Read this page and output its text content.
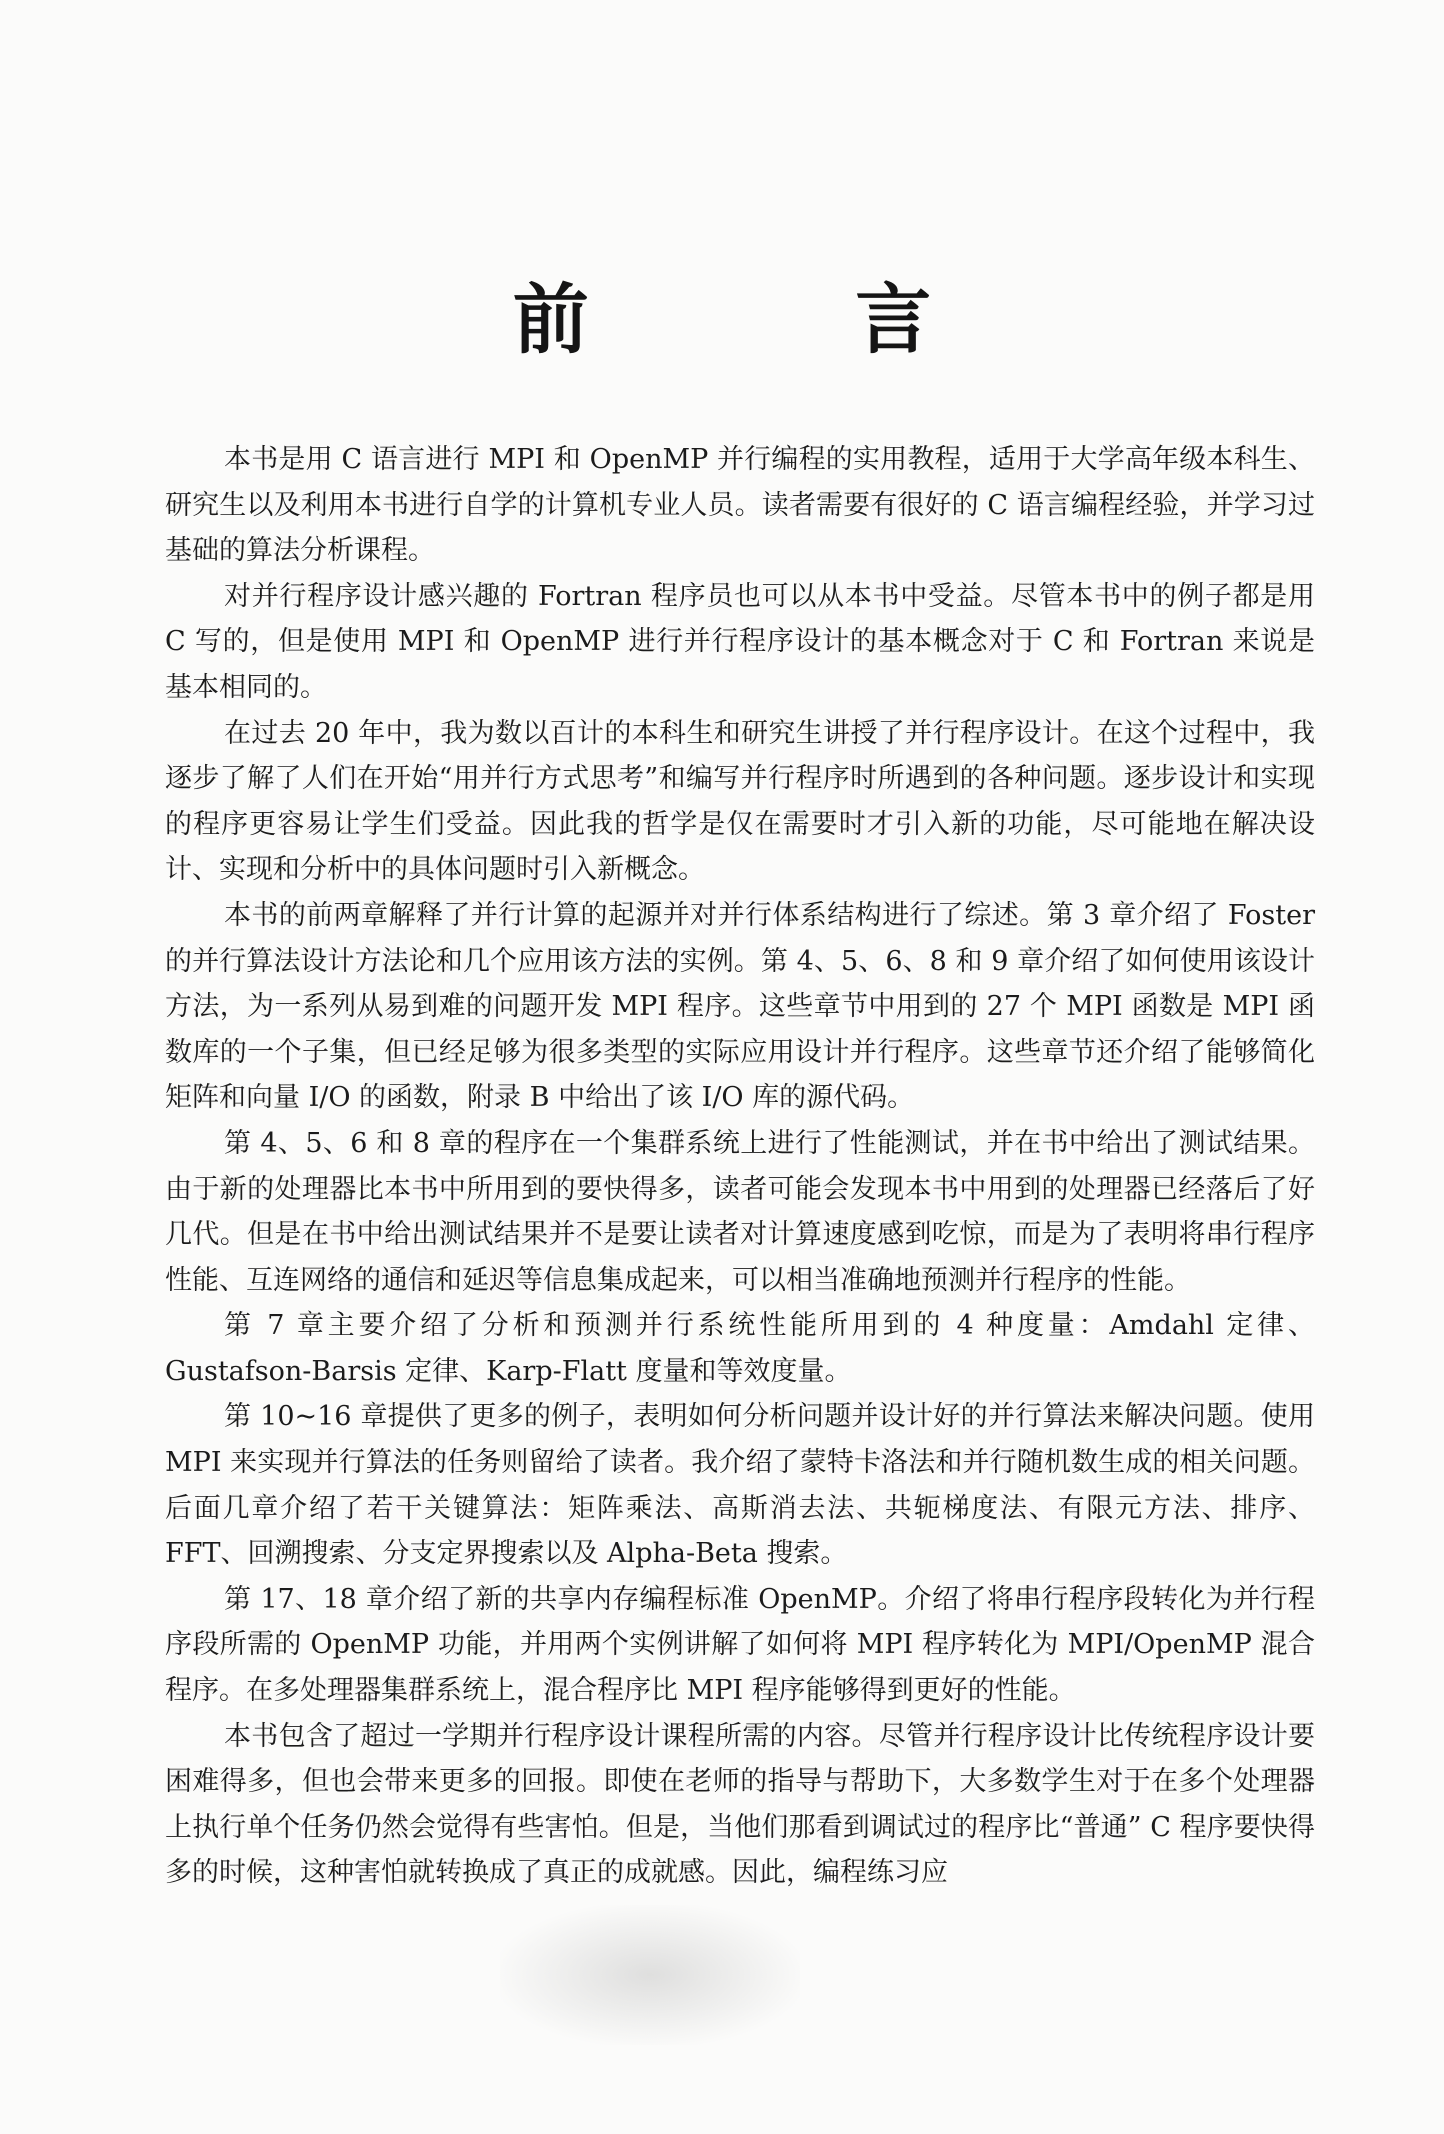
前 言

本书是用 C 语言进行 MPI 和 OpenMP 并行编程的实用教程，适用于大学高年级本科生、研究生以及利用本书进行自学的计算机专业人员。读者需要有很好的 C 语言编程经验，并学习过基础的算法分析课程。

对并行程序设计感兴趣的 Fortran 程序员也可以从本书中受益。尽管本书中的例子都是用 C 写的，但是使用 MPI 和 OpenMP 进行并行程序设计的基本概念对于 C 和 Fortran 来说是基本相同的。

在过去 20 年中，我为数以百计的本科生和研究生讲授了并行程序设计。在这个过程中，我逐步了解了人们在开始“用并行方式思考”和编写并行程序时所遇到的各种问题。逐步设计和实现的程序更容易让学生们受益。因此我的哲学是仅在需要时才引入新的功能，尽可能地在解决设计、实现和分析中的具体问题时引入新概念。

本书的前两章解释了并行计算的起源并对并行体系结构进行了综述。第 3 章介绍了 Foster 的并行算法设计方法论和几个应用该方法的实例。第 4、5、6、8 和 9 章介绍了如何使用该设计方法，为一系列从易到难的问题开发 MPI 程序。这些章节中用到的 27 个 MPI 函数是 MPI 函数库的一个子集，但已经足够为很多类型的实际应用设计并行程序。这些章节还介绍了能够简化矩阵和向量 I/O 的函数，附录 B 中给出了该 I/O 库的源代码。

第 4、5、6 和 8 章的程序在一个集群系统上进行了性能测试，并在书中给出了测试结果。由于新的处理器比本书中所用到的要快得多，读者可能会发现本书中用到的处理器已经落后了好几代。但是在书中给出测试结果并不是要让读者对计算速度感到吃惊，而是为了表明将串行程序性能、互连网络的通信和延迟等信息集成起来，可以相当准确地预测并行程序的性能。

第 7 章主要介绍了分析和预测并行系统性能所用到的 4 种度量：Amdahl 定律、Gustafson-Barsis 定律、Karp-Flatt 度量和等效度量。

第 10~16 章提供了更多的例子，表明如何分析问题并设计好的并行算法来解决问题。使用 MPI 来实现并行算法的任务则留给了读者。我介绍了蒙特卡洛法和并行随机数生成的相关问题。后面几章介绍了若干关键算法：矩阵乘法、高斯消去法、共轭梯度法、有限元方法、排序、FFT、回溯搜索、分支定界搜索以及 Alpha-Beta 搜索。

第 17、18 章介绍了新的共享内存编程标准 OpenMP。介绍了将串行程序段转化为并行程序段所需的 OpenMP 功能，并用两个实例讲解了如何将 MPI 程序转化为 MPI/OpenMP 混合程序。在多处理器集群系统上，混合程序比 MPI 程序能够得到更好的性能。

本书包含了超过一学期并行程序设计课程所需的内容。尽管并行程序设计比传统程序设计要困难得多，但也会带来更多的回报。即使在老师的指导与帮助下，大多数学生对于在多个处理器上执行单个任务仍然会觉得有些害怕。但是，当他们那看到调试过的程序比“普通” C 程序要快得多的时候，这种害怕就转换成了真正的成就感。因此，编程练习应
